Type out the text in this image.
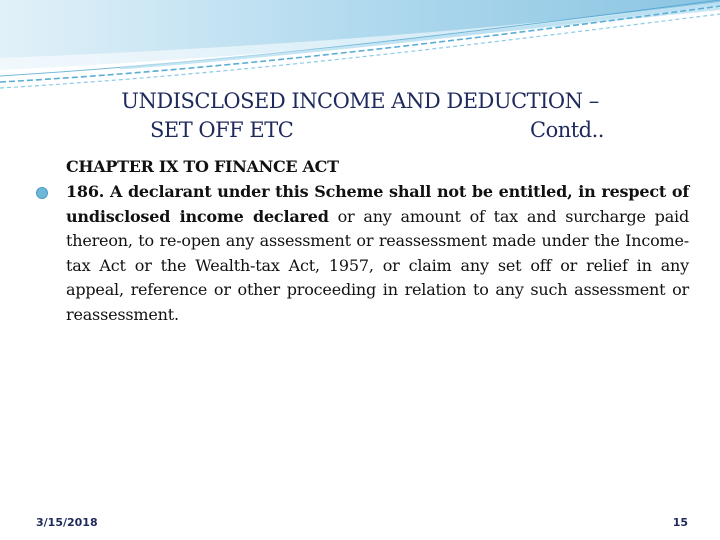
UNDISCLOSED INCOME AND DEDUCTION –
SET OFF ETC	Contd..
CHAPTER IX TO FINANCE ACT
186. A declarant under this Scheme shall not be entitled, in respect of undisclosed income declared or any amount of tax and surcharge paid thereon, to re-open any assessment or reassessment made under the Income-tax Act or the Wealth-tax Act, 1957, or claim any set off or relief in any appeal, reference or other proceeding in relation to any such assessment or reassessment.
3/15/2018	15
